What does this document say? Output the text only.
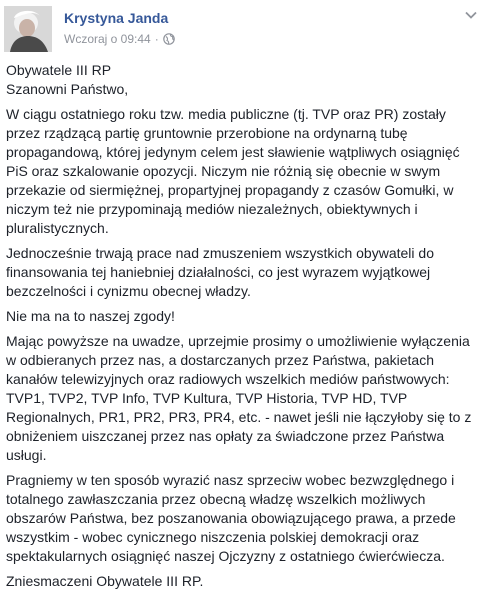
Krystyna Janda
Wczoraj o 09:44 ·

Obywatele III RP

Szanowni Państwo,

W ciągu ostatniego roku tzw. media publiczne (tj. TVP oraz PR) zostały przez rządzącą partię gruntownie przerobione na ordynarną tubę propagandową, której jedynym celem jest sławienie wątpliwych osiągnięć PiS oraz szkalowanie opozycji. Niczym nie różnią się obecnie w swym przekazie od siermiężnej, propartyjnej propagandy z czasów Gomułki, w niczym też nie przypominają mediów niezależnych, obiektywnych i pluralistycznych.

Jednocześnie trwają prace nad zmuszeniem wszystkich obywateli do finansowania tej haniebniej działalności, co jest wyrazem wyjątkowej bezczelności i cynizmu obecnej władzy.

Nie ma na to naszej zgody!

Mając powyższe na uwadze, uprzejmie prosimy o umożliwienie wyłączenia w odbieranych przez nas, a dostarczanych przez Państwa, pakietach kanałów telewizyjnych oraz radiowych wszelkich mediów państwowych: TVP1, TVP2, TVP Info, TVP Kultura, TVP Historia, TVP HD, TVP Regionalnych, PR1, PR2, PR3, PR4, etc. - nawet jeśli nie łączyłoby się to z obniżeniem uiszczanej przez nas opłaty za świadczone przez Państwa usługi.

Pragniemy w ten sposób wyrazić nasz sprzeciw wobec bezwzględnego i totalnego zawłaszczania przez obecną władzę wszelkich możliwych obszarów Państwa, bez poszanowania obowiązującego prawa, a przede wszystkim - wobec cynicznego niszczenia polskiej demokracji oraz spektakularnych osiągnięć naszej Ojczyzny z ostatniego ćwierćwiecza.

Zniesmaczeni Obywatele III RP.
